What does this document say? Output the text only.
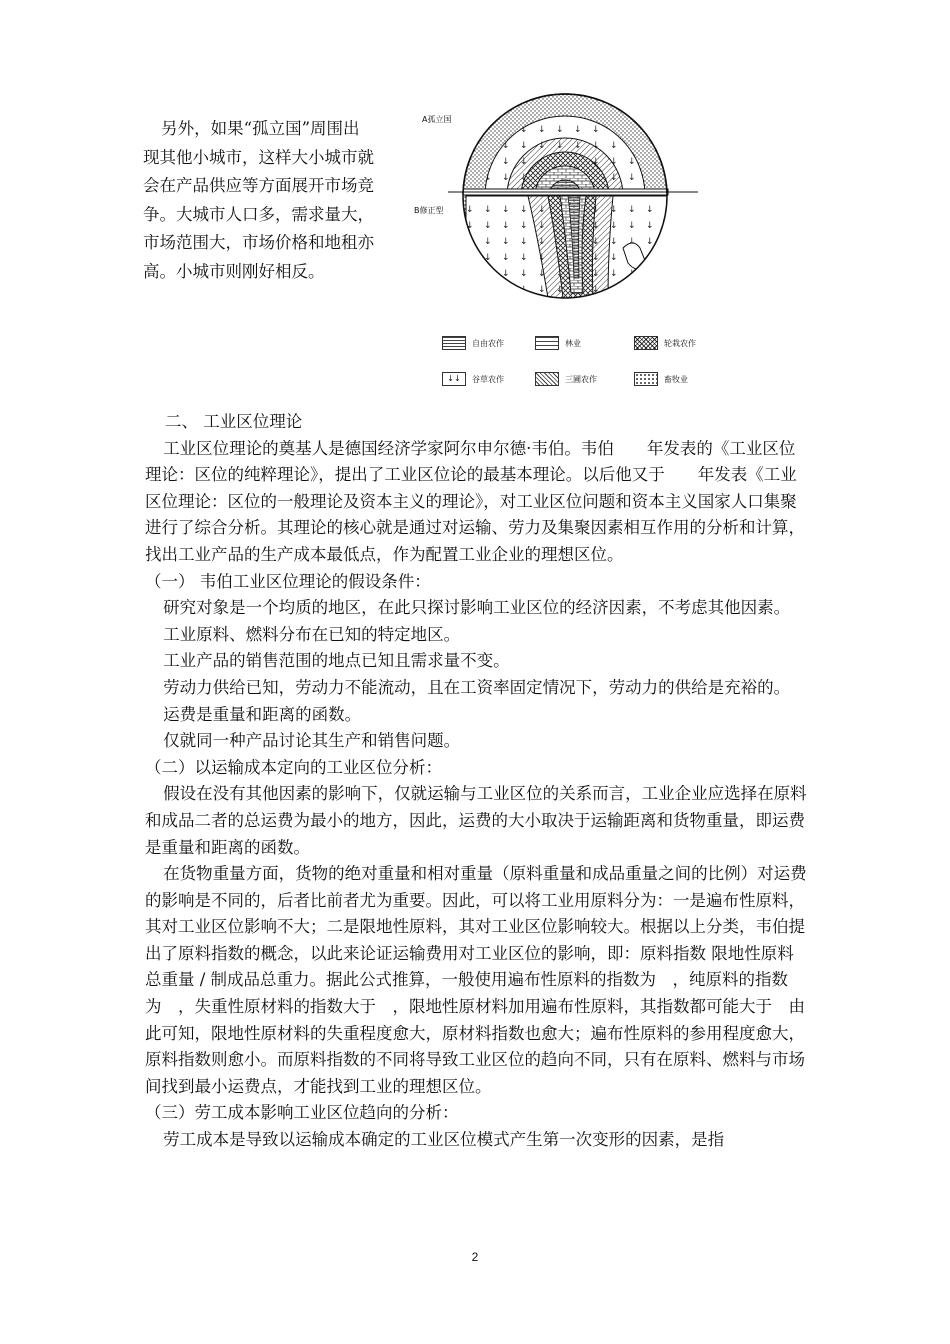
另外，如果“孤立国”周围出现其他小城市，这样大小城市就会在产品供应等方面展开市场竞争。大城市人口多，需求量大，市场范围大，市场价格和地租亦高。小城市则刚好相反。

A孤立国
B修正型
自由农作	林业	轮栽农作
↓↓	谷草农作	三圃农作	畜牧业

二、 工业区位理论

工业区位理论的奠基人是德国经济学家阿尔申尔德·韦伯。韦伯　　年发表的《工业区位理论：区位的纯粹理论》，提出了工业区位论的最基本理论。以后他又于　　年发表《工业区位理论：区位的一般理论及资本主义的理论》，对工业区位问题和资本主义国家人口集聚进行了综合分析。其理论的核心就是通过对运输、劳力及集聚因素相互作用的分析和计算，找出工业产品的生产成本最低点，作为配置工业企业的理想区位。

（一） 韦伯工业区位理论的假设条件：

研究对象是一个均质的地区，在此只探讨影响工业区位的经济因素，不考虑其他因素。

工业原料、燃料分布在已知的特定地区。

工业产品的销售范围的地点已知且需求量不变。

劳动力供给已知，劳动力不能流动，且在工资率固定情况下，劳动力的供给是充裕的。

运费是重量和距离的函数。

仅就同一种产品讨论其生产和销售问题。

（二）以运输成本定向的工业区位分析：

假设在没有其他因素的影响下，仅就运输与工业区位的关系而言，工业企业应选择在原料和成品二者的总运费为最小的地方，因此，运费的大小取决于运输距离和货物重量，即运费是重量和距离的函数。

在货物重量方面，货物的绝对重量和相对重量（原料重量和成品重量之间的比例）对运费的影响是不同的，后者比前者尤为重要。因此，可以将工业用原料分为：一是遍布性原料，其对工业区位影响不大；二是限地性原料，其对工业区位影响较大。根据以上分类，韦伯提出了原料指数的概念，以此来论证运输费用对工业区位的影响，即：原料指数 限地性原料总重量 / 制成品总重力。据此公式推算，一般使用遍布性原料的指数为　，纯原料的指数为　，失重性原材料的指数大于　，限地性原材料加用遍布性原料，其指数都可能大于　由此可知，限地性原材料的失重程度愈大，原材料指数也愈大；遍布性原料的参用程度愈大，原料指数则愈小。而原料指数的不同将导致工业区位的趋向不同，只有在原料、燃料与市场间找到最小运费点，才能找到工业的理想区位。

（三）劳工成本影响工业区位趋向的分析：

劳工成本是导致以运输成本确定的工业区位模式产生第一次变形的因素，是指

2
